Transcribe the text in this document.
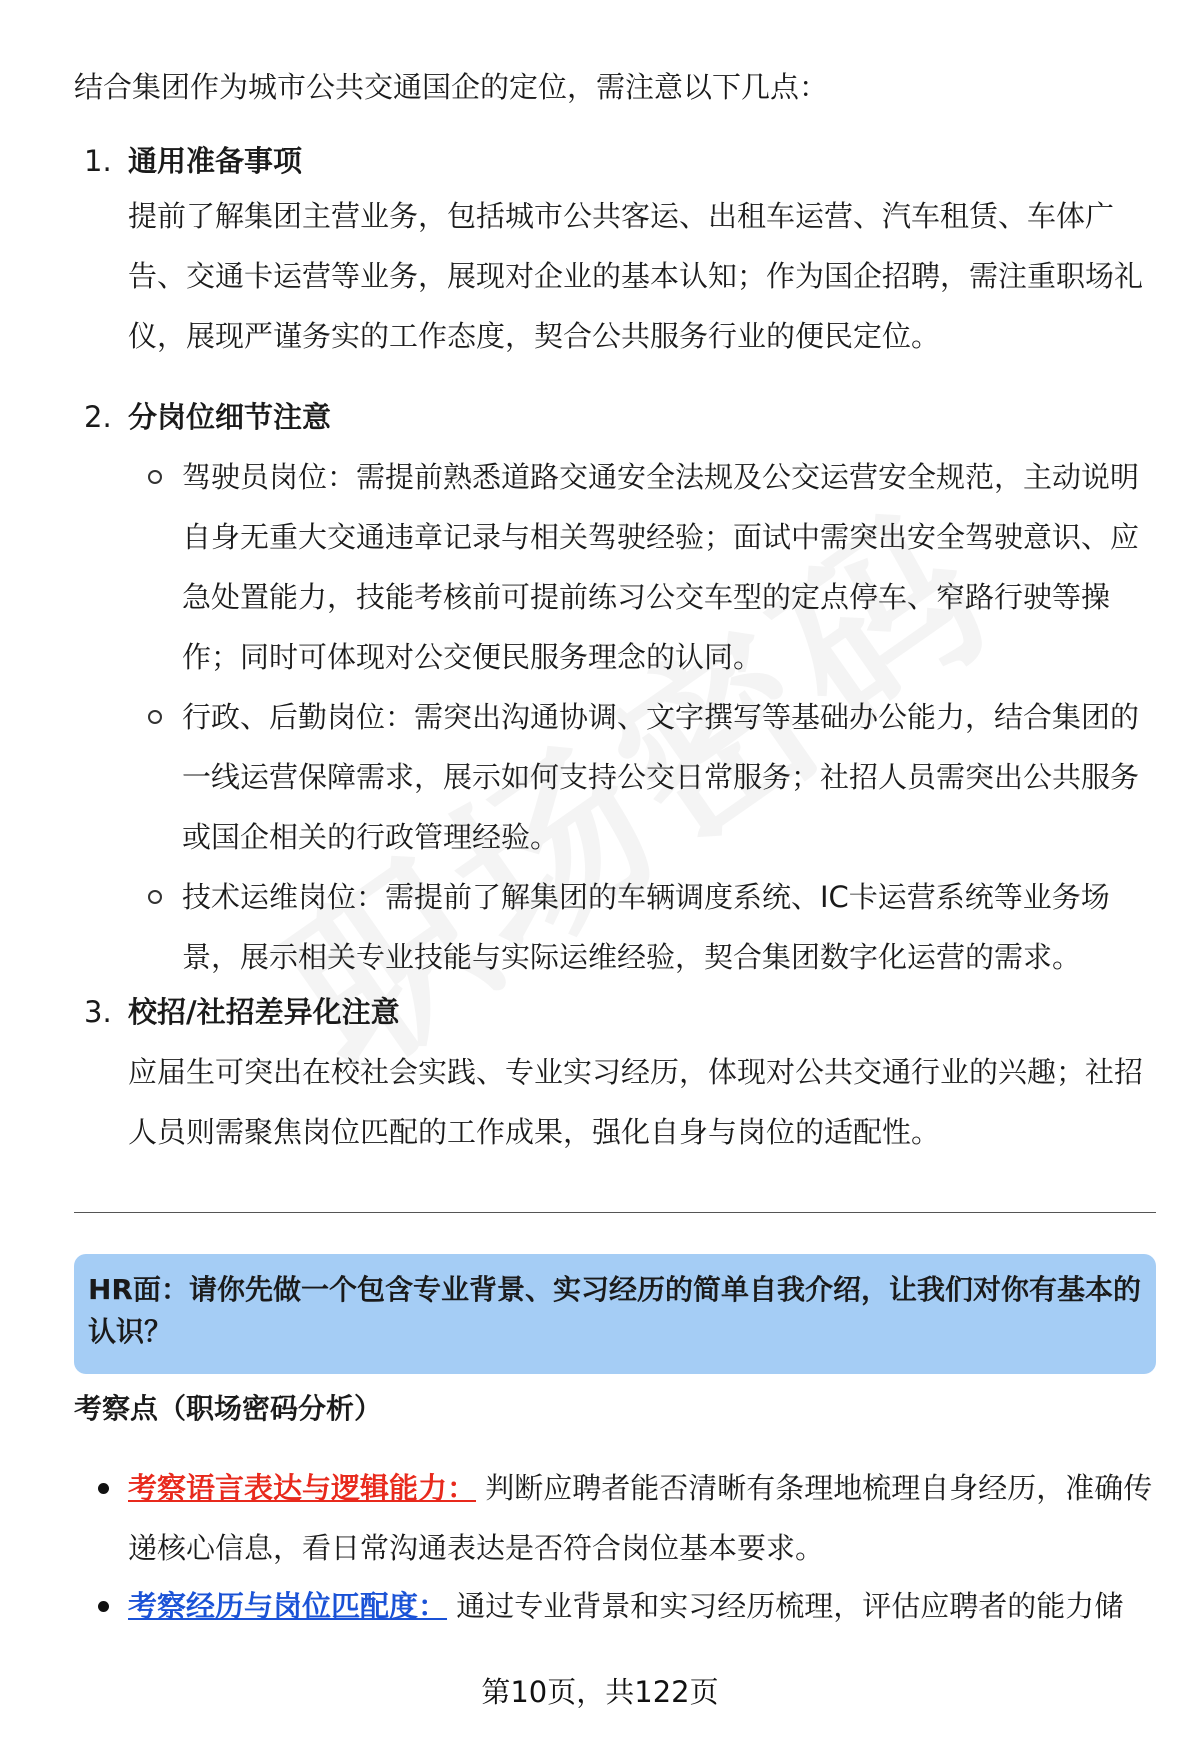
结合集团作为城市公共交通国企的定位，需注意以下几点：
1. 通用准备事项
提前了解集团主营业务，包括城市公共客运、出租车运营、汽车租赁、车体广告、交通卡运营等业务，展现对企业的基本认知；作为国企招聘，需注重职场礼仪，展现严谨务实的工作态度，契合公共服务行业的便民定位。
2. 分岗位细节注意
驾驶员岗位：需提前熟悉道路交通安全法规及公交运营安全规范，主动说明自身无重大交通违章记录与相关驾驶经验；面试中需突出安全驾驶意识、应急处置能力，技能考核前可提前练习公交车型的定点停车、窄路行驶等操作；同时可体现对公交便民服务理念的认同。
行政、后勤岗位：需突出沟通协调、文字撰写等基础办公能力，结合集团的一线运营保障需求，展示如何支持公交日常服务；社招人员需突出公共服务或国企相关的行政管理经验。
技术运维岗位：需提前了解集团的车辆调度系统、IC卡运营系统等业务场景，展示相关专业技能与实际运维经验，契合集团数字化运营的需求。
3. 校招/社招差异化注意
应届生可突出在校社会实践、专业实习经历，体现对公共交通行业的兴趣；社招人员则需聚焦岗位匹配的工作成果，强化自身与岗位的适配性。
HR面：请你先做一个包含专业背景、实习经历的简单自我介绍，让我们对你有基本的认识？
考察点（职场密码分析）
考察语言表达与逻辑能力： 判断应聘者能否清晰有条理地梳理自身经历，准确传递核心信息，看日常沟通表达是否符合岗位基本要求。
考察经历与岗位匹配度： 通过专业背景和实习经历梳理，评估应聘者的能力储
第10页，共122页
